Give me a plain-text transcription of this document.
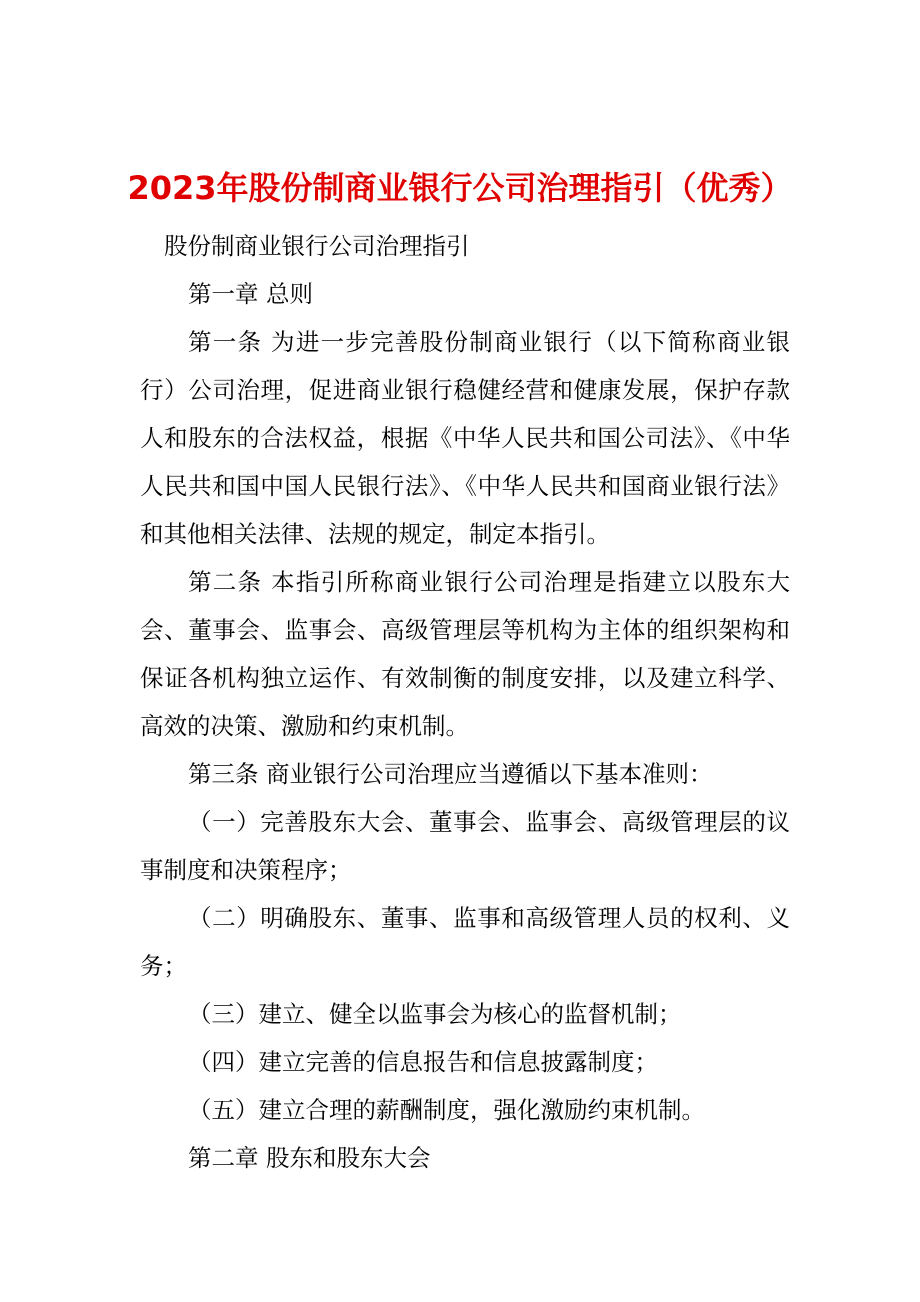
2023年股份制商业银行公司治理指引（优秀）

股份制商业银行公司治理指引

第一章 总则

第一条 为进一步完善股份制商业银行（以下简称商业银行）公司治理，促进商业银行稳健经营和健康发展，保护存款人和股东的合法权益，根据《中华人民共和国公司法》、《中华人民共和国中国人民银行法》、《中华人民共和国商业银行法》和其他相关法律、法规的规定，制定本指引。

第二条 本指引所称商业银行公司治理是指建立以股东大会、董事会、监事会、高级管理层等机构为主体的组织架构和保证各机构独立运作、有效制衡的制度安排，以及建立科学、高效的决策、激励和约束机制。

第三条 商业银行公司治理应当遵循以下基本准则：

（一）完善股东大会、董事会、监事会、高级管理层的议事制度和决策程序；

（二）明确股东、董事、监事和高级管理人员的权利、义务；

（三）建立、健全以监事会为核心的监督机制；

（四）建立完善的信息报告和信息披露制度；

（五）建立合理的薪酬制度，强化激励约束机制。

第二章 股东和股东大会
